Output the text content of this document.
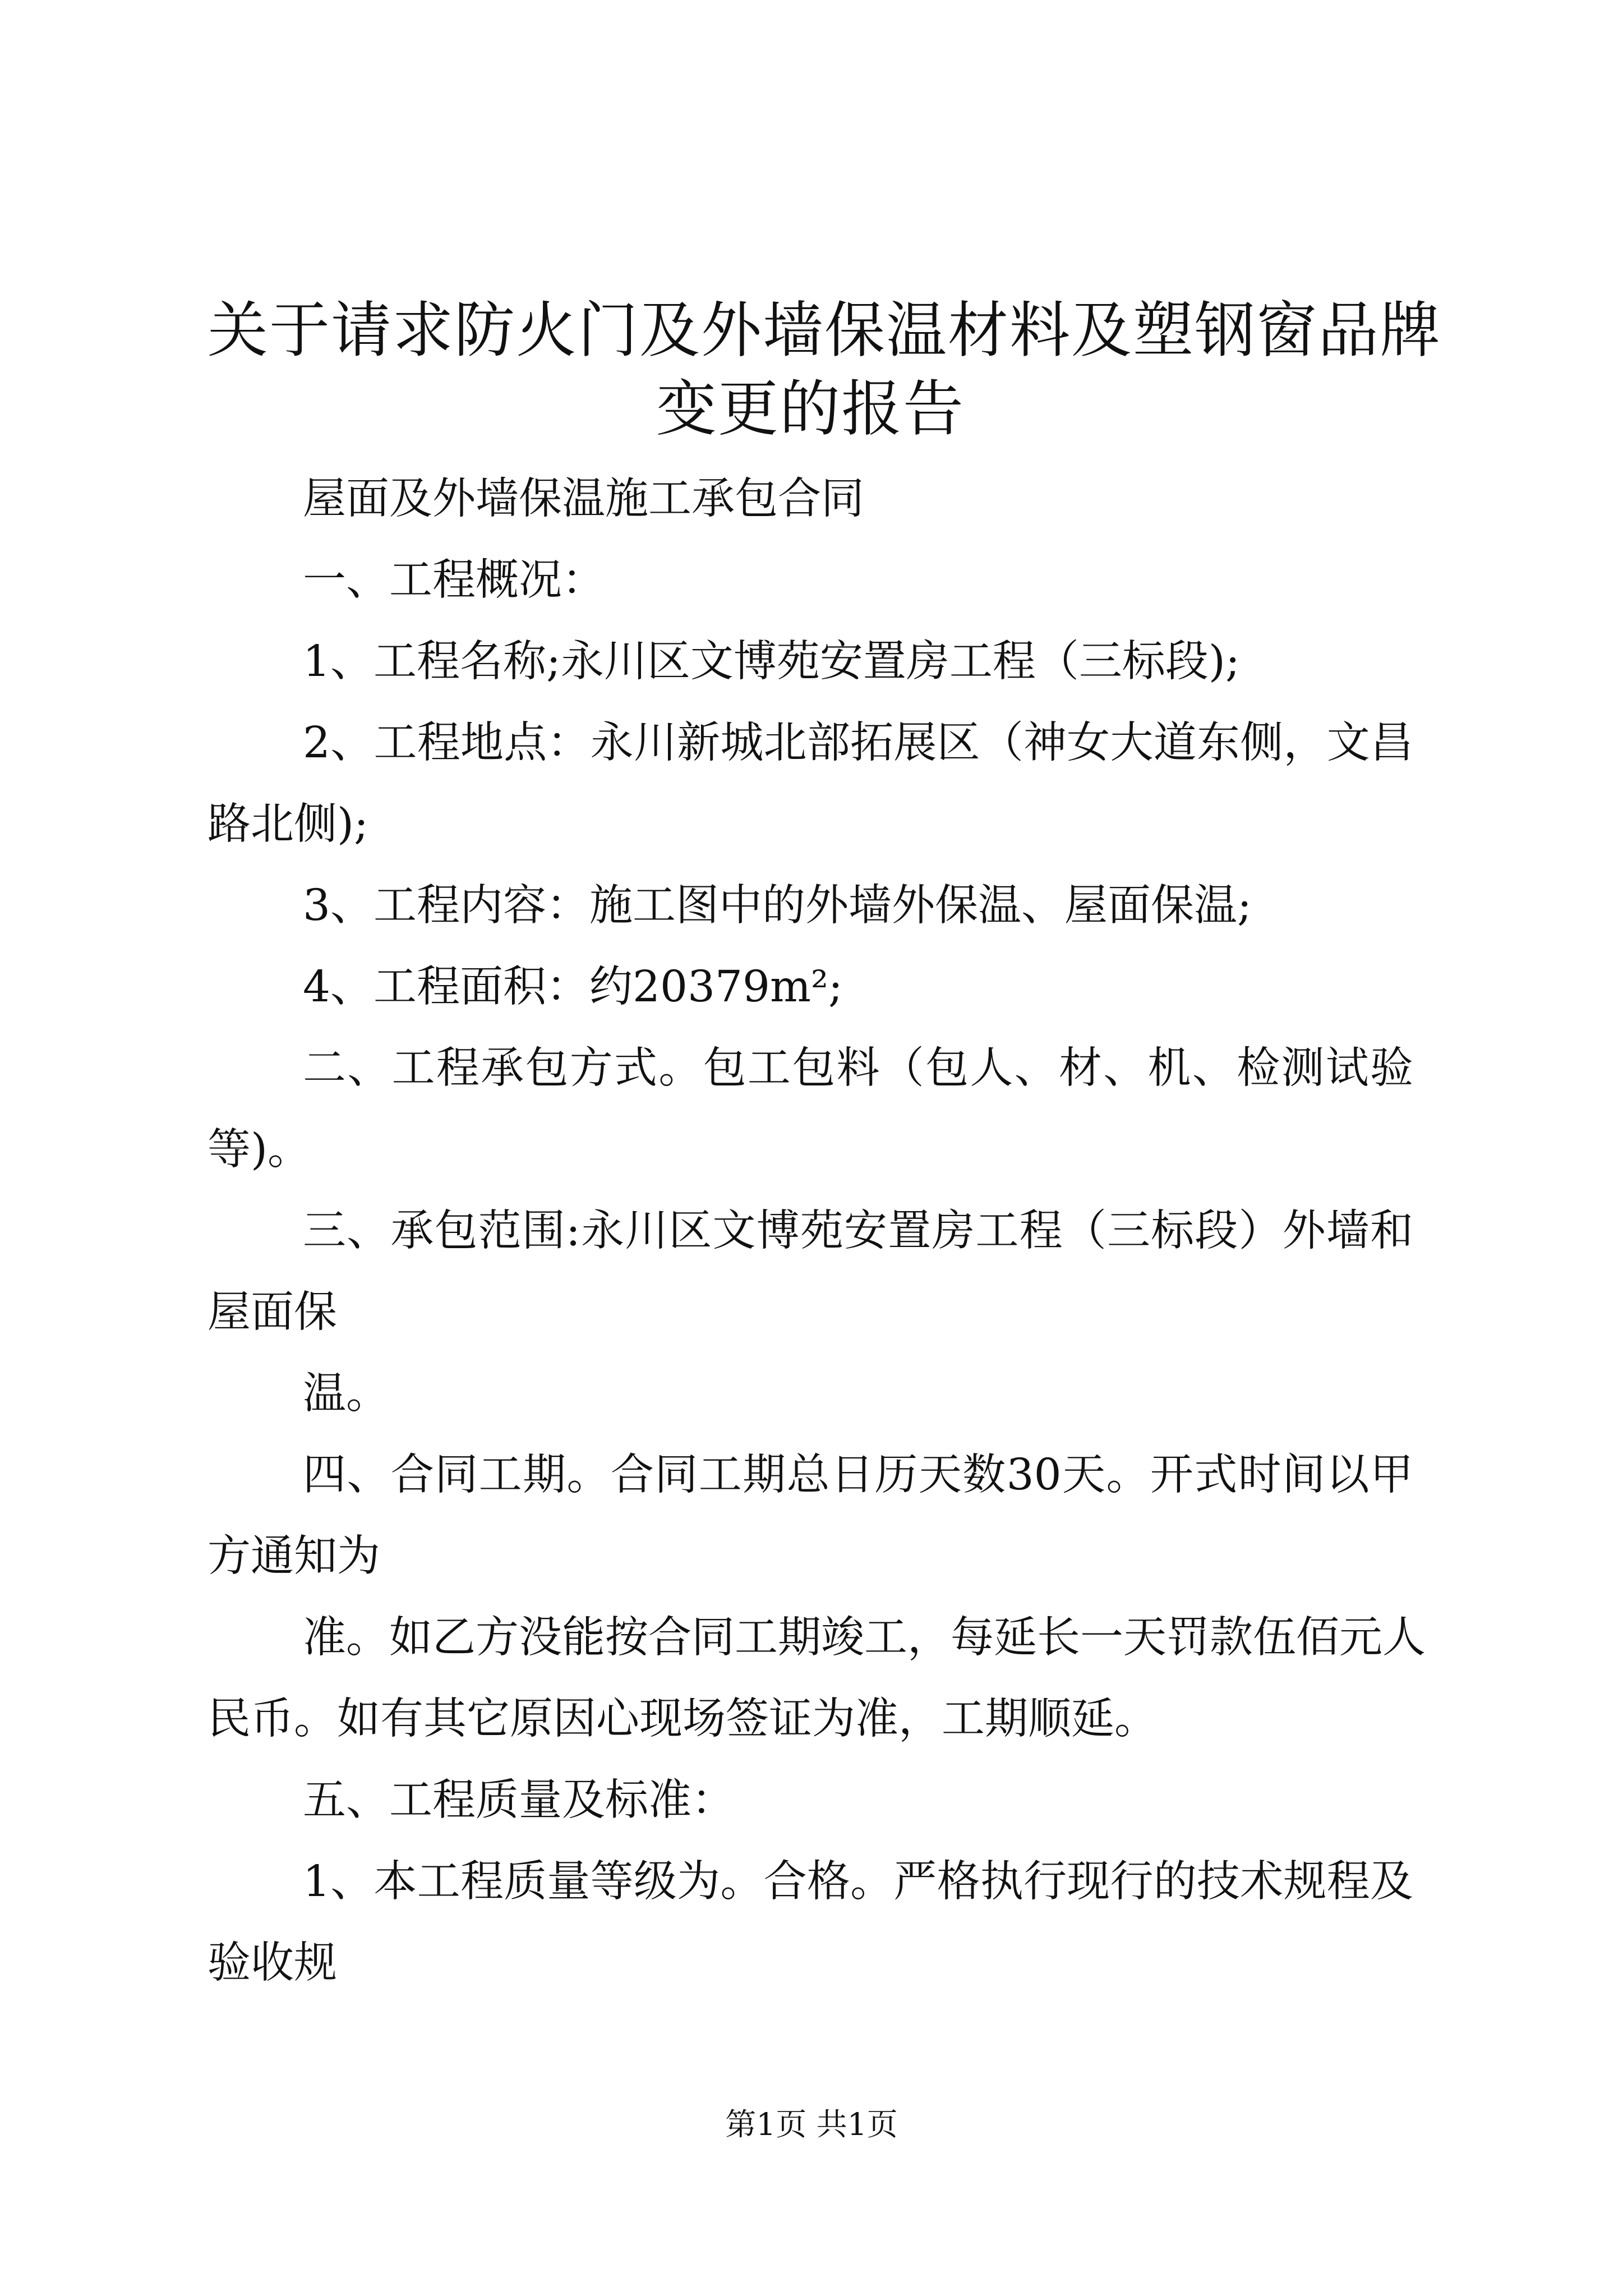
关于请求防火门及外墙保温材料及塑钢窗品牌
变更的报告

屋面及外墙保温施工承包合同

一、工程概况：

1、工程名称;永川区文博苑安置房工程（三标段);

2、工程地点：永川新城北部拓展区（神女大道东侧，文昌

路北侧);

3、工程内容：施工图中的外墙外保温、屋面保温;

4、工程面积：约20379m²;

二、工程承包方式。包工包料（包人、材、机、检测试验

等)。

三、承包范围:永川区文博苑安置房工程（三标段）外墙和

屋面保

温。

四、合同工期。合同工期总日历天数30天。开式时间以甲

方通知为

准。如乙方没能按合同工期竣工，每延长一天罚款伍佰元人

民币。如有其它原因心现场签证为准，工期顺延。

五、工程质量及标准：

1、本工程质量等级为。合格。严格执行现行的技术规程及

验收规

第1页 共1页
